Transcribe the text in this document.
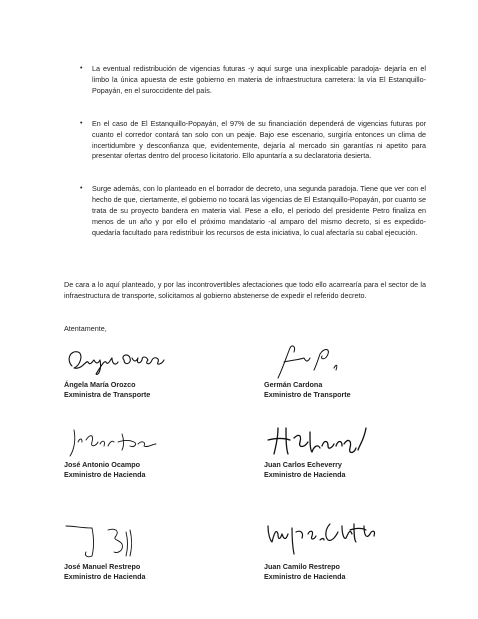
• La eventual redistribución de vigencias futuras -y aquí surge una inexplicable paradoja- dejaría en el limbo la única apuesta de este gobierno en materia de infraestructura carretera: la vía El Estanquillo-Popayán, en el suroccidente del país.
• En el caso de El Estanquillo-Popayán, el 97% de su financiación dependerá de vigencias futuras por cuanto el corredor contará tan solo con un peaje. Bajo ese escenario, surgiría entonces un clima de incertidumbre y desconfianza que, evidentemente, dejaría al mercado sin garantías ni apetito para presentar ofertas dentro del proceso licitatorio. Ello apuntaría a su declaratoria desierta.
• Surge además, con lo planteado en el borrador de decreto, una segunda paradoja. Tiene que ver con el hecho de que, ciertamente, el gobierno no tocará las vigencias de El Estanquillo-Popayán, por cuanto se trata de su proyecto bandera en materia vial. Pese a ello, el periodo del presidente Petro finaliza en menos de un año y por ello el próximo mandatario -al amparo del mismo decreto, si es expedido- quedaría facultado para redistribuir los recursos de esta iniciativa, lo cual afectaría su cabal ejecución.
De cara a lo aquí planteado, y por las incontrovertibles afectaciones que todo ello acarrearía para el sector de la infraestructura de transporte, solicitamos al gobierno abstenerse de expedir el referido decreto.
Atentamente,
Ángela María Orozco
Exministra de Transporte
Germán Cardona
Exministro de Transporte
José Antonio Ocampo
Exministro de Hacienda
Juan Carlos Echeverry
Exministro de Hacienda
José Manuel Restrepo
Exministro de Hacienda
Juan Camilo Restrepo
Exministro de Hacienda
